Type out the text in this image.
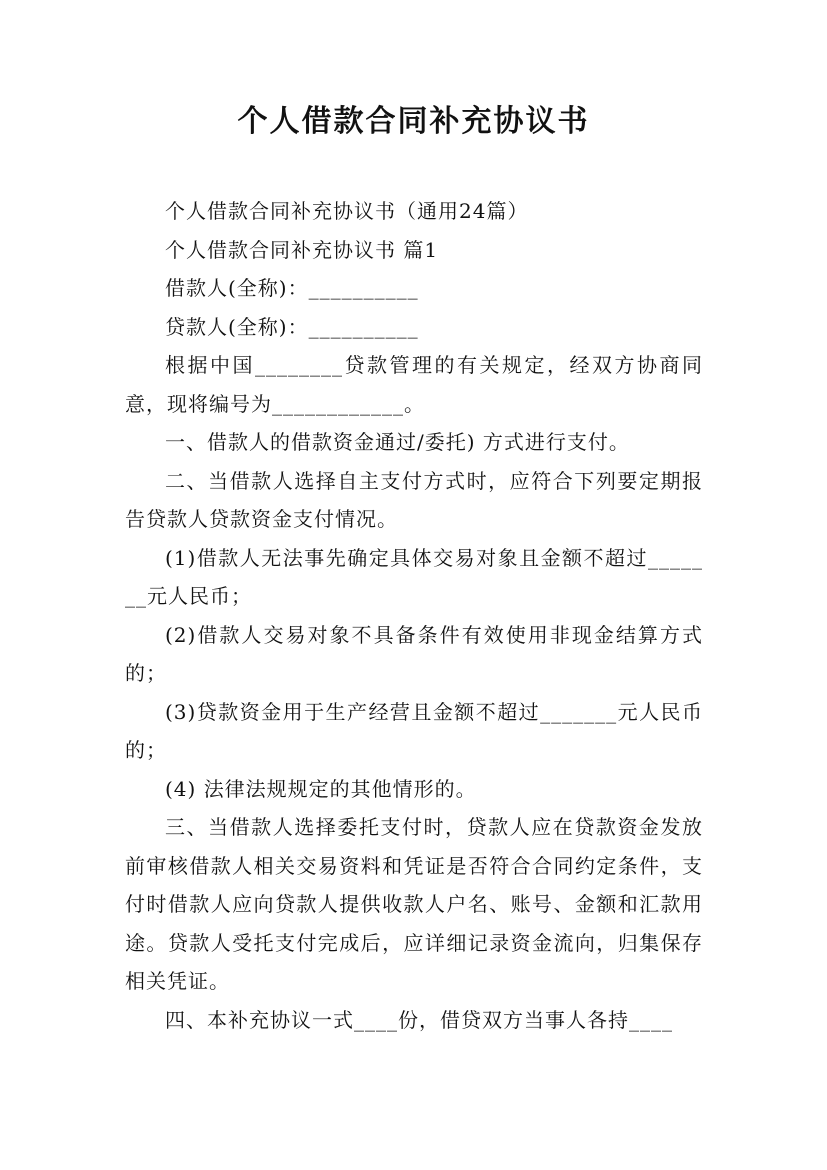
个人借款合同补充协议书

个人借款合同补充协议书（通用24篇）

个人借款合同补充协议书 篇1

借款人(全称)：__________

贷款人(全称)：__________

根据中国________贷款管理的有关规定，经双方协商同意，现将编号为____________。

一、借款人的借款资金通过/委托) 方式进行支付。

二、当借款人选择自主支付方式时，应符合下列要定期报告贷款人贷款资金支付情况。

(1)借款人无法事先确定具体交易对象且金额不超过_______元人民币；

(2)借款人交易对象不具备条件有效使用非现金结算方式的；

(3)贷款资金用于生产经营且金额不超过_______元人民币的；

(4) 法律法规规定的其他情形的。

三、当借款人选择委托支付时，贷款人应在贷款资金发放前审核借款人相关交易资料和凭证是否符合合同约定条件，支付时借款人应向贷款人提供收款人户名、账号、金额和汇款用途。贷款人受托支付完成后，应详细记录资金流向，归集保存相关凭证。

四、本补充协议一式____份，借贷双方当事人各持____
